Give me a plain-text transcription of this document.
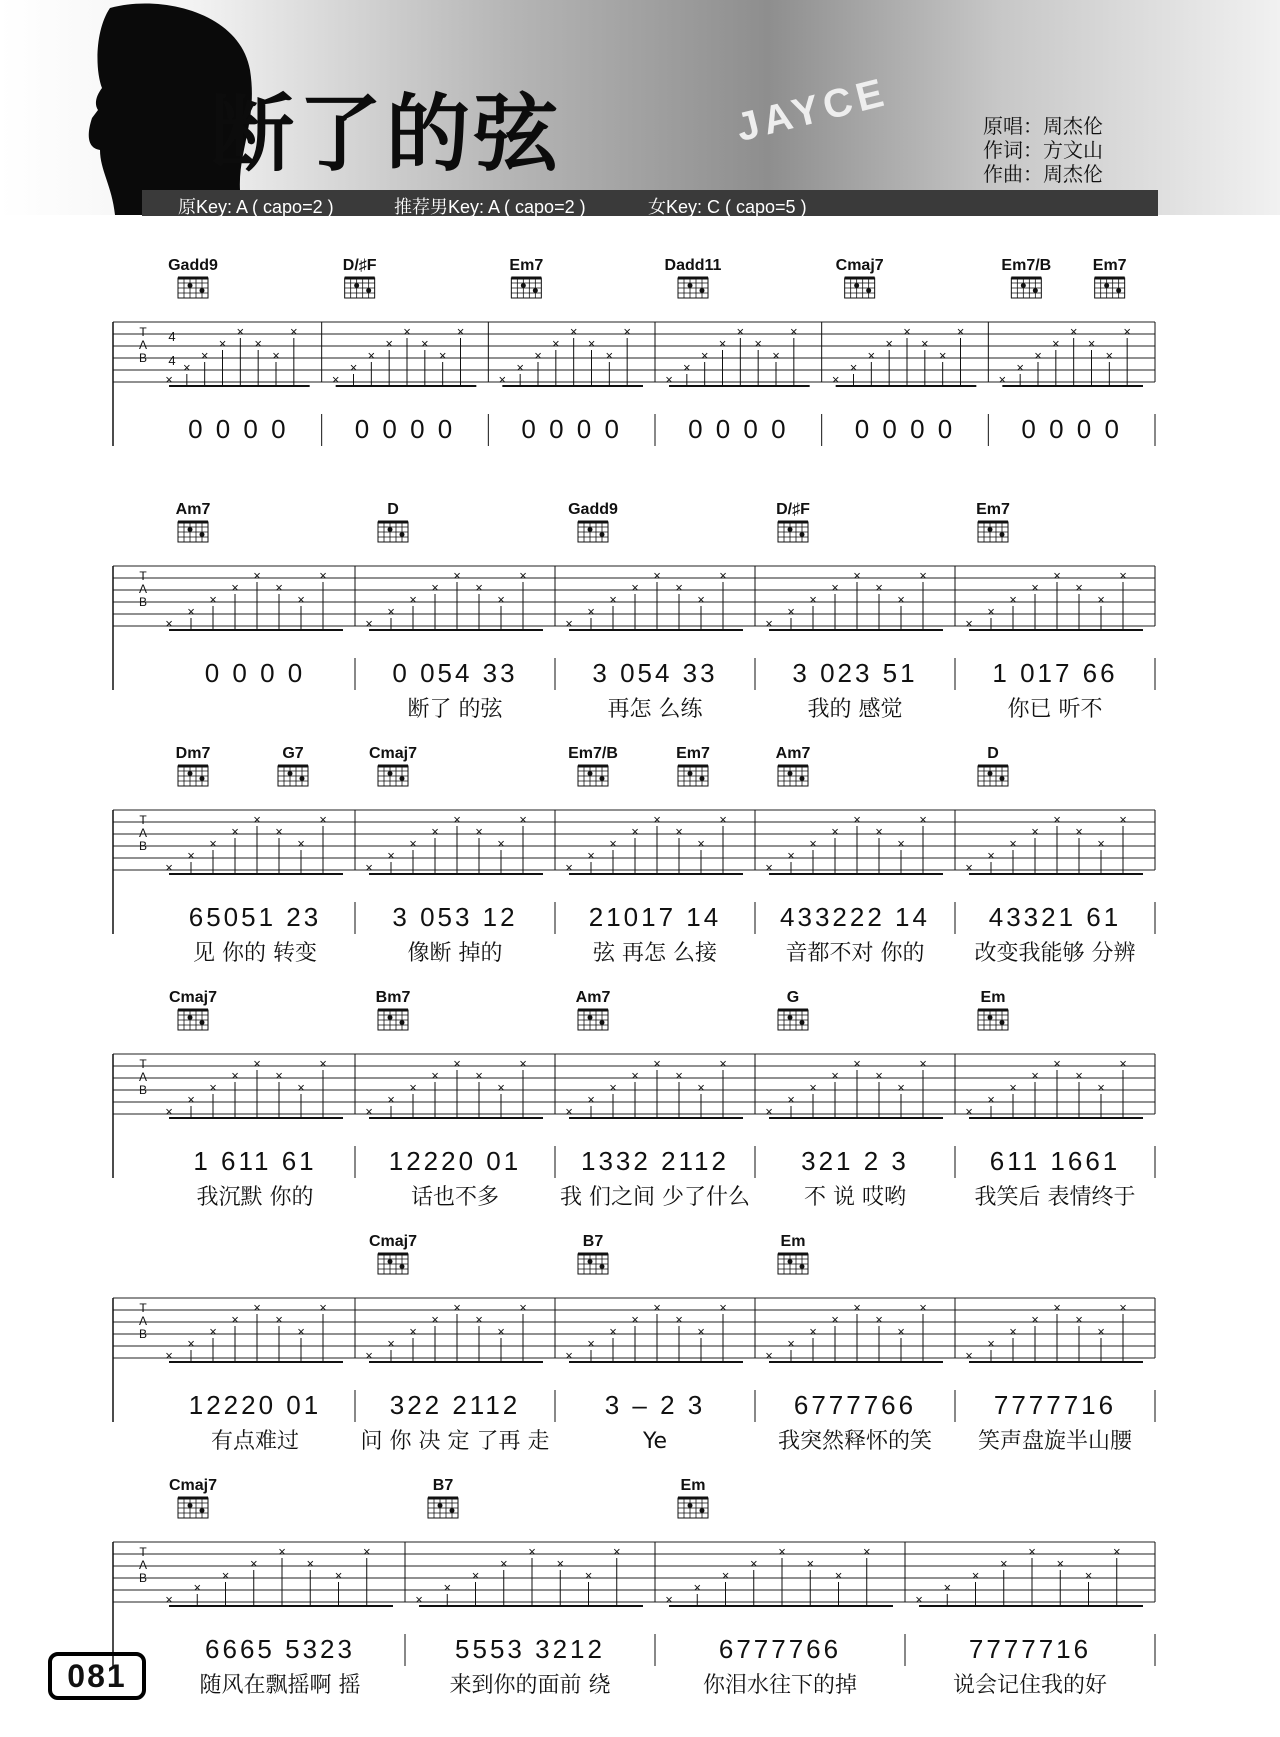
JAYCE
断了的弦	原唱：周杰伦
作词：方文山
作曲：周杰伦
原Key: A ( capo=2 )	推荐男Key: A ( capo=2 )	女Key: C ( capo=5 )
T
A
B
4
4
Gadd9
×
×
×
×
×
×
×
×
0 0 0 0
D/♯F
×
×
×
×
×
×
×
×
0 0 0 0
Em7
×
×
×
×
×
×
×
×
0 0 0 0
Dadd11
×
×
×
×
×
×
×
×
0 0 0 0
Cmaj7
×
×
×
×
×
×
×
×
0 0 0 0
Em7/B	Em7
×
×
×
×
×
×
×
×
0 0 0 0
T
A
B
Am7
×
×
×
×
×
×
×
×
0 0 0 0
D
×
×
×
×
×
×
×
×
0 054 33
断了 的弦
Gadd9
×
×
×
×
×
×
×
×
3 054 33
再怎 么练
D/♯F
×
×
×
×
×
×
×
×
3 023 51
我的 感觉
Em7
×
×
×
×
×
×
×
×
1 017 66
你已 听不
T
A
B
Dm7	G7
×
×
×
×
×
×
×
×
65051 23
见 你的 转变
Cmaj7
×
×
×
×
×
×
×
×
3 053 12
像断 掉的
Em7/B	Em7
×
×
×
×
×
×
×
×
21017 14
弦 再怎 么接
Am7
×
×
×
×
×
×
×
×
433222 14
音都不对 你的
D
×
×
×
×
×
×
×
×
43321 61
改变我能够 分辨
T
A
B
Cmaj7
×
×
×
×
×
×
×
×
1 611 61
我沉默 你的
Bm7
×
×
×
×
×
×
×
×
12220 01
话也不多
Am7
×
×
×
×
×
×
×
×
1332 2112
我 们之间 少了什么
G
×
×
×
×
×
×
×
×
321 2 3
不 说 哎哟
Em
×
×
×
×
×
×
×
×
611 1661
我笑后 表情终于
T
A
B
×
×
×
×
×
×
×
×
12220 01
有点难过
Cmaj7
×
×
×
×
×
×
×
×
322 2112
问 你 决 定 了再 走
B7
×
×
×
×
×
×
×
×
3 – 2 3
Ye
Em
×
×
×
×
×
×
×
×
6777766
我突然释怀的笑
×
×
×
×
×
×
×
×
7777716
笑声盘旋半山腰
T
A
B
Cmaj7
×
×
×
×
×
×
×
×
6665 5323
随风在飘摇啊 摇
B7
×
×
×
×
×
×
×
×
5553 3212
来到你的面前 绕
Em
×
×
×
×
×
×
×
×
6777766
你泪水往下的掉
×
×
×
×
×
×
×
×
7777716
说会记住我的好
081
